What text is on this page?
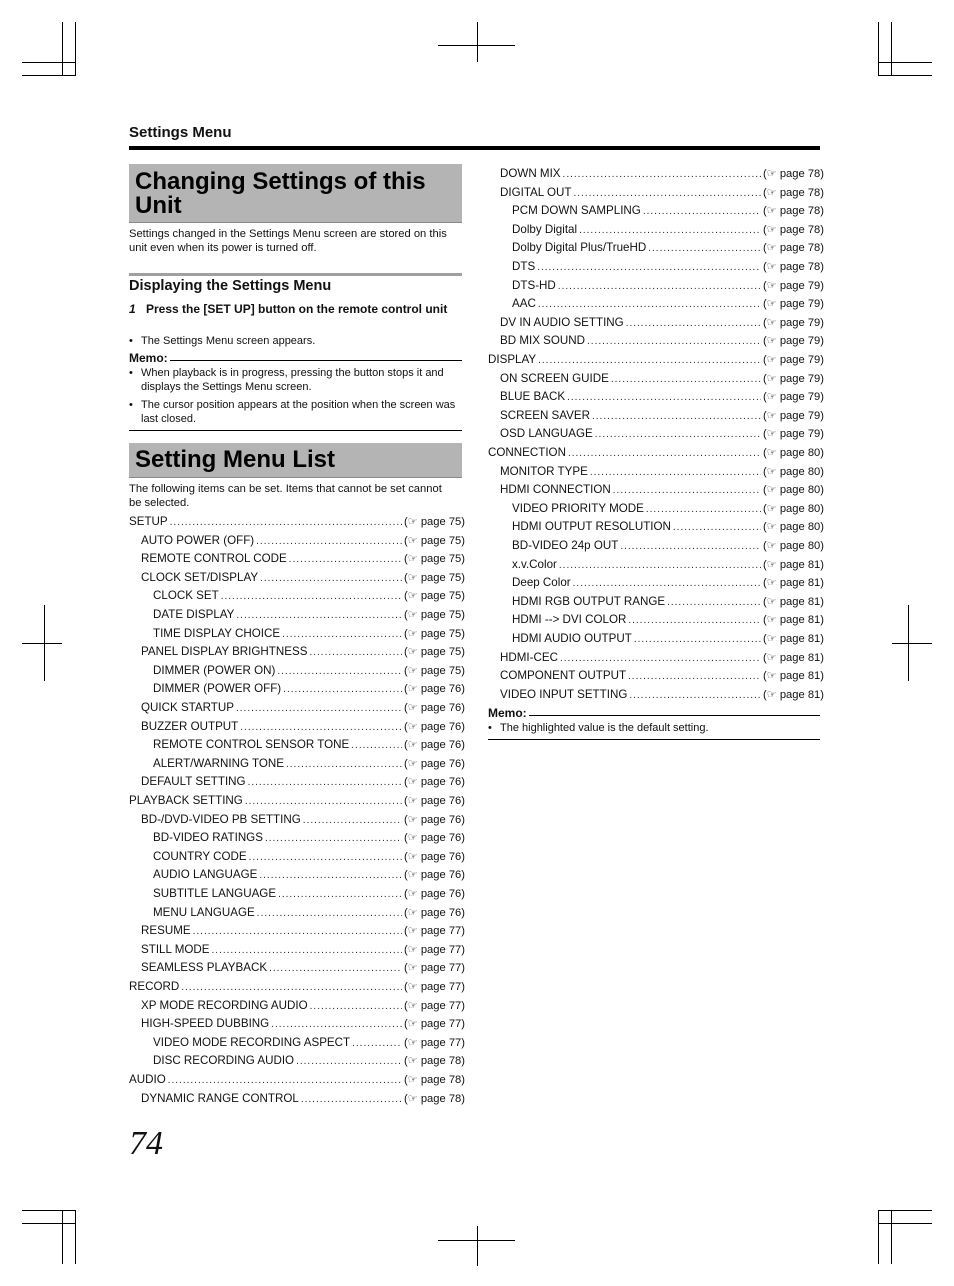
Settings Menu
Changing Settings of this
Unit
Settings changed in the Settings Menu screen are stored on this unit even when its power is turned off.
Displaying the Settings Menu
1 Press the [SET UP] button on the remote control unit
• The Settings Menu screen appears.
Memo:
• When playback is in progress, pressing the button stops it and displays the Settings Menu screen.
• The cursor position appears at the position when the screen was last closed.
Setting Menu List
The following items can be set. Items that cannot be set cannot be selected.
SETUP .....	(☞ page 75)
AUTO POWER (OFF) .....	(☞ page 75)
REMOTE CONTROL CODE .....	(☞ page 75)
CLOCK SET/DISPLAY .....	(☞ page 75)
CLOCK SET .....	(☞ page 75)
DATE DISPLAY .....	(☞ page 75)
TIME DISPLAY CHOICE .....	(☞ page 75)
PANEL DISPLAY BRIGHTNESS .....	(☞ page 75)
DIMMER (POWER ON) .....	(☞ page 75)
DIMMER (POWER OFF) .....	(☞ page 76)
QUICK STARTUP .....	(☞ page 76)
BUZZER OUTPUT .....	(☞ page 76)
REMOTE CONTROL SENSOR TONE .....	(☞ page 76)
ALERT/WARNING TONE .....	(☞ page 76)
DEFAULT SETTING .....	(☞ page 76)
PLAYBACK SETTING .....	(☞ page 76)
BD-/DVD-VIDEO PB SETTING .....	(☞ page 76)
BD-VIDEO RATINGS .....	(☞ page 76)
COUNTRY CODE .....	(☞ page 76)
AUDIO LANGUAGE .....	(☞ page 76)
SUBTITLE LANGUAGE .....	(☞ page 76)
MENU LANGUAGE .....	(☞ page 76)
RESUME .....	(☞ page 77)
STILL MODE .....	(☞ page 77)
SEAMLESS PLAYBACK .....	(☞ page 77)
RECORD .....	(☞ page 77)
XP MODE RECORDING AUDIO .....	(☞ page 77)
HIGH-SPEED DUBBING .....	(☞ page 77)
VIDEO MODE RECORDING ASPECT .....	(☞ page 77)
DISC RECORDING AUDIO .....	(☞ page 78)
AUDIO .....	(☞ page 78)
DYNAMIC RANGE CONTROL .....	(☞ page 78)
DOWN MIX .....	(☞ page 78)
DIGITAL OUT .....	(☞ page 78)
PCM DOWN SAMPLING .....	(☞ page 78)
Dolby Digital .....	(☞ page 78)
Dolby Digital Plus/TrueHD .....	(☞ page 78)
DTS .....	(☞ page 78)
DTS-HD .....	(☞ page 79)
AAC .....	(☞ page 79)
DV IN AUDIO SETTING .....	(☞ page 79)
BD MIX SOUND .....	(☞ page 79)
DISPLAY .....	(☞ page 79)
ON SCREEN GUIDE .....	(☞ page 79)
BLUE BACK .....	(☞ page 79)
SCREEN SAVER .....	(☞ page 79)
OSD LANGUAGE .....	(☞ page 79)
CONNECTION .....	(☞ page 80)
MONITOR TYPE .....	(☞ page 80)
HDMI CONNECTION .....	(☞ page 80)
VIDEO PRIORITY MODE .....	(☞ page 80)
HDMI OUTPUT RESOLUTION .....	(☞ page 80)
BD-VIDEO 24p OUT .....	(☞ page 80)
x.v.Color .....	(☞ page 81)
Deep Color .....	(☞ page 81)
HDMI RGB OUTPUT RANGE .....	(☞ page 81)
HDMI --> DVI COLOR .....	(☞ page 81)
HDMI AUDIO OUTPUT .....	(☞ page 81)
HDMI-CEC .....	(☞ page 81)
COMPONENT OUTPUT .....	(☞ page 81)
VIDEO INPUT SETTING .....	(☞ page 81)
Memo:
• The highlighted value is the default setting.
74
